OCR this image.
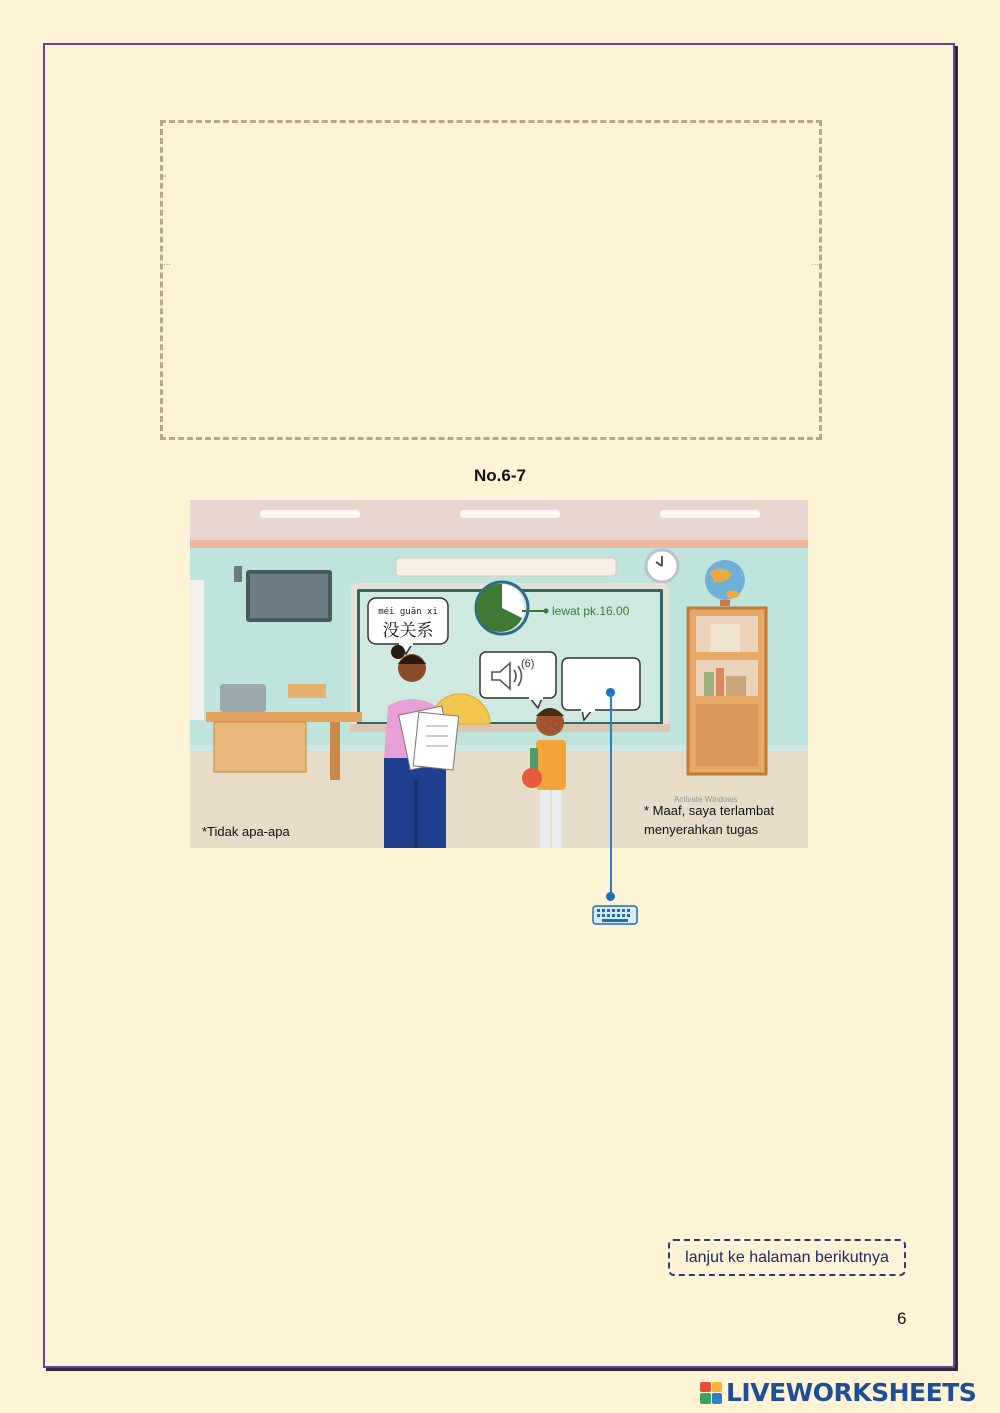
‘‘	‘‘
…	…
No.6-7
lewat pk.16.00
méi guān xi
没关系
(6)
*Tidak apa-apa
Activate Windows
* Maaf, saya terlambat
menyerahkan tugas
lanjut ke halaman berikutnya
6
LIVEWORKSHEETS
